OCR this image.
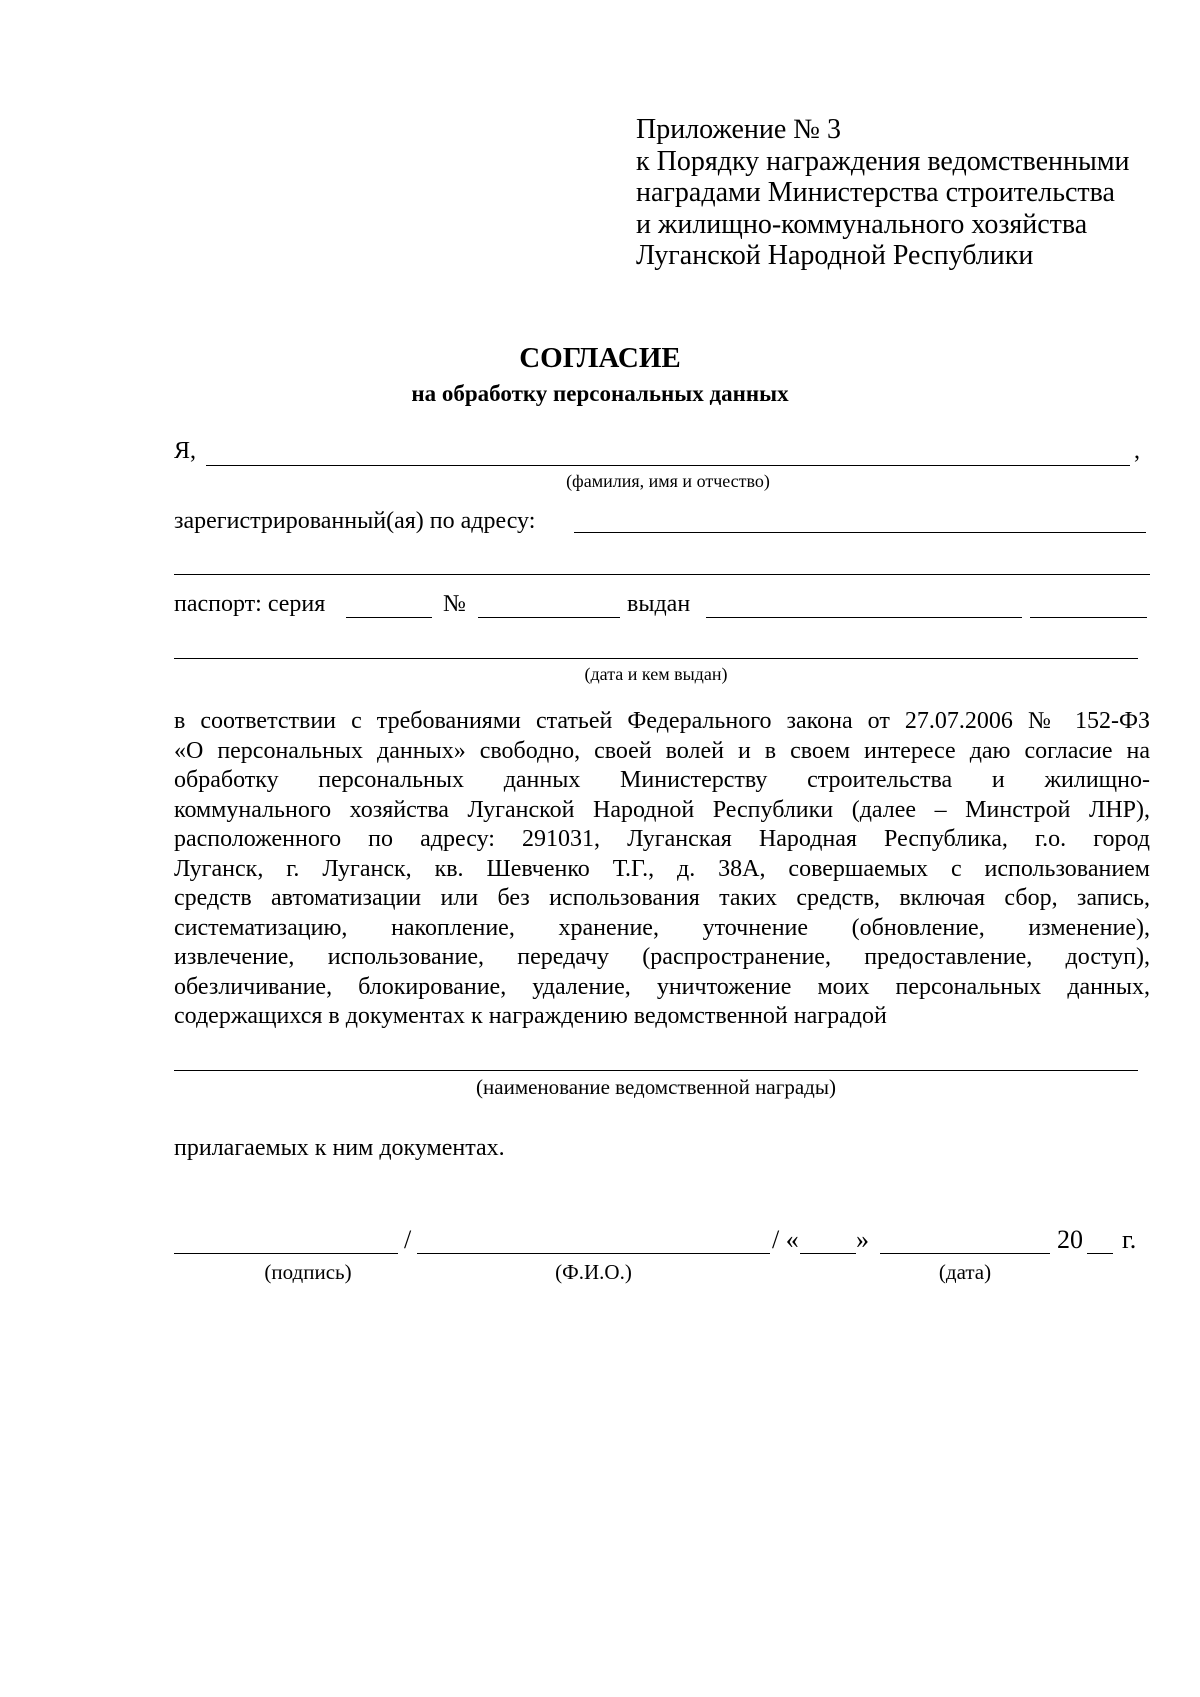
Приложение № 3
к Порядку награждения ведомственными
наградами Министерства строительства
и жилищно-коммунального хозяйства
Луганской Народной Республики
СОГЛАСИЕ
на обработку персональных данных
Я,	,
(фамилия, имя и отчество)
зарегистрированный(ая) по адресу:
паспорт: серия	№	выдан
(дата и кем выдан)
в соответствии с требованиями статьей Федерального закона от 27.07.2006 № 152-ФЗ
«О персональных данных» свободно, своей волей и в своем интересе даю согласие на
обработку персональных данных Министерству строительства и жилищно-
коммунального хозяйства Луганской Народной Республики (далее – Минстрой ЛНР),
расположенного по адресу: 291031, Луганская Народная Республика, г.о. город
Луганск, г. Луганск, кв. Шевченко Т.Г., д. 38А, совершаемых с использованием
средств автоматизации или без использования таких средств, включая сбор, запись,
систематизацию, накопление, хранение, уточнение (обновление, изменение),
извлечение, использование, передачу (распространение, предоставление, доступ),
обезличивание, блокирование, удаление, уничтожение моих персональных данных,
содержащихся в документах к награждению ведомственной наградой
(наименование ведомственной награды)
прилагаемых к ним документах.
/	/ « »	20 г.
(подпись)	(Ф.И.О.)	(дата)
